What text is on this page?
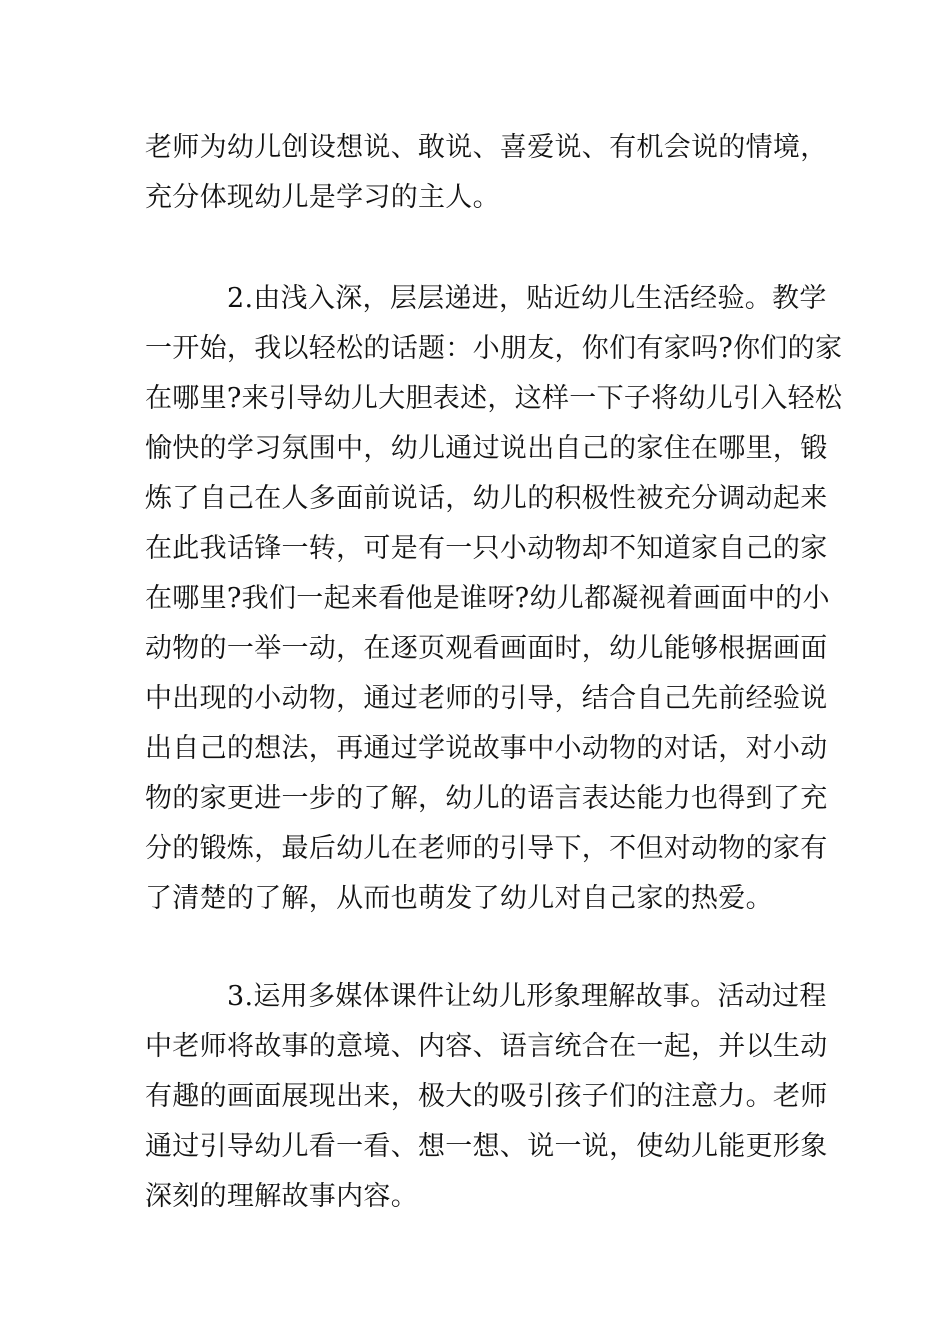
老师为幼儿创设想说、敢说、喜爱说、有机会说的情境，
充分体现幼儿是学习的主人。
2.由浅入深，层层递进，贴近幼儿生活经验。教学
一开始，我以轻松的话题：小朋友，你们有家吗?你们的家
在哪里?来引导幼儿大胆表述，这样一下子将幼儿引入轻松
愉快的学习氛围中，幼儿通过说出自己的家住在哪里，锻
炼了自己在人多面前说话，幼儿的积极性被充分调动起来
在此我话锋一转，可是有一只小动物却不知道家自己的家
在哪里?我们一起来看他是谁呀?幼儿都凝视着画面中的小
动物的一举一动，在逐页观看画面时，幼儿能够根据画面
中出现的小动物，通过老师的引导，结合自己先前经验说
出自己的想法，再通过学说故事中小动物的对话，对小动
物的家更进一步的了解，幼儿的语言表达能力也得到了充
分的锻炼，最后幼儿在老师的引导下，不但对动物的家有
了清楚的了解，从而也萌发了幼儿对自己家的热爱。
3.运用多媒体课件让幼儿形象理解故事。活动过程
中老师将故事的意境、内容、语言统合在一起，并以生动
有趣的画面展现出来，极大的吸引孩子们的注意力。老师
通过引导幼儿看一看、想一想、说一说，使幼儿能更形象
深刻的理解故事内容。
